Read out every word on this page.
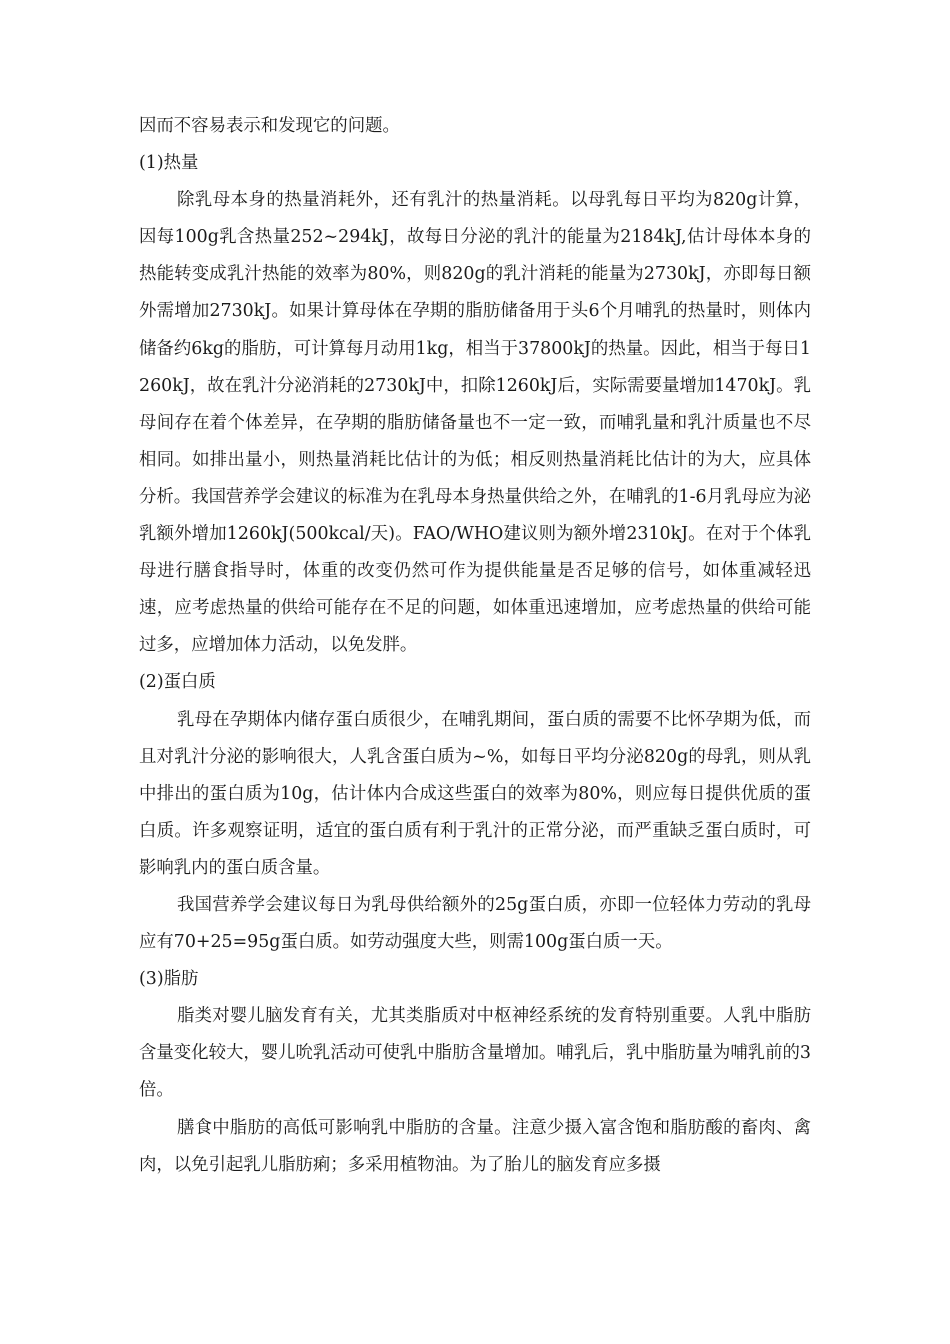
因而不容易表示和发现它的问题。

(1)热量

除乳母本身的热量消耗外，还有乳汁的热量消耗。以母乳每日平均为820g计算，因每100g乳含热量252~294kJ，故每日分泌的乳汁的能量为2184kJ,估计母体本身的热能转变成乳汁热能的效率为80%，则820g的乳汁消耗的能量为2730kJ，亦即每日额外需增加2730kJ。如果计算母体在孕期的脂肪储备用于头6个月哺乳的热量时，则体内储备约6kg的脂肪，可计算每月动用1kg，相当于37800kJ的热量。因此，相当于每日1260kJ，故在乳汁分泌消耗的2730kJ中，扣除1260kJ后，实际需要量增加1470kJ。乳母间存在着个体差异，在孕期的脂肪储备量也不一定一致，而哺乳量和乳汁质量也不尽相同。如排出量小，则热量消耗比估计的为低；相反则热量消耗比估计的为大，应具体分析。我国营养学会建议的标准为在乳母本身热量供给之外，在哺乳的1-6月乳母应为泌乳额外增加1260kJ(500kcal/天)。FAO/WHO建议则为额外增2310kJ。在对于个体乳母进行膳食指导时，体重的改变仍然可作为提供能量是否足够的信号，如体重减轻迅速，应考虑热量的供给可能存在不足的问题，如体重迅速增加，应考虑热量的供给可能过多，应增加体力活动，以免发胖。

(2)蛋白质

乳母在孕期体内储存蛋白质很少，在哺乳期间，蛋白质的需要不比怀孕期为低，而且对乳汁分泌的影响很大，人乳含蛋白质为~%，如每日平均分泌820g的母乳，则从乳中排出的蛋白质为10g，估计体内合成这些蛋白的效率为80%，则应每日提供优质的蛋白质。许多观察证明，适宜的蛋白质有利于乳汁的正常分泌，而严重缺乏蛋白质时，可影响乳内的蛋白质含量。

我国营养学会建议每日为乳母供给额外的25g蛋白质，亦即一位轻体力劳动的乳母应有70+25=95g蛋白质。如劳动强度大些，则需100g蛋白质一天。

(3)脂肪

脂类对婴儿脑发育有关，尤其类脂质对中枢神经系统的发育特别重要。人乳中脂肪含量变化较大，婴儿吮乳活动可使乳中脂肪含量增加。哺乳后，乳中脂肪量为哺乳前的3倍。

膳食中脂肪的高低可影响乳中脂肪的含量。注意少摄入富含饱和脂肪酸的畜肉、禽肉，以免引起乳儿脂肪痢；多采用植物油。为了胎儿的脑发育应多摄
